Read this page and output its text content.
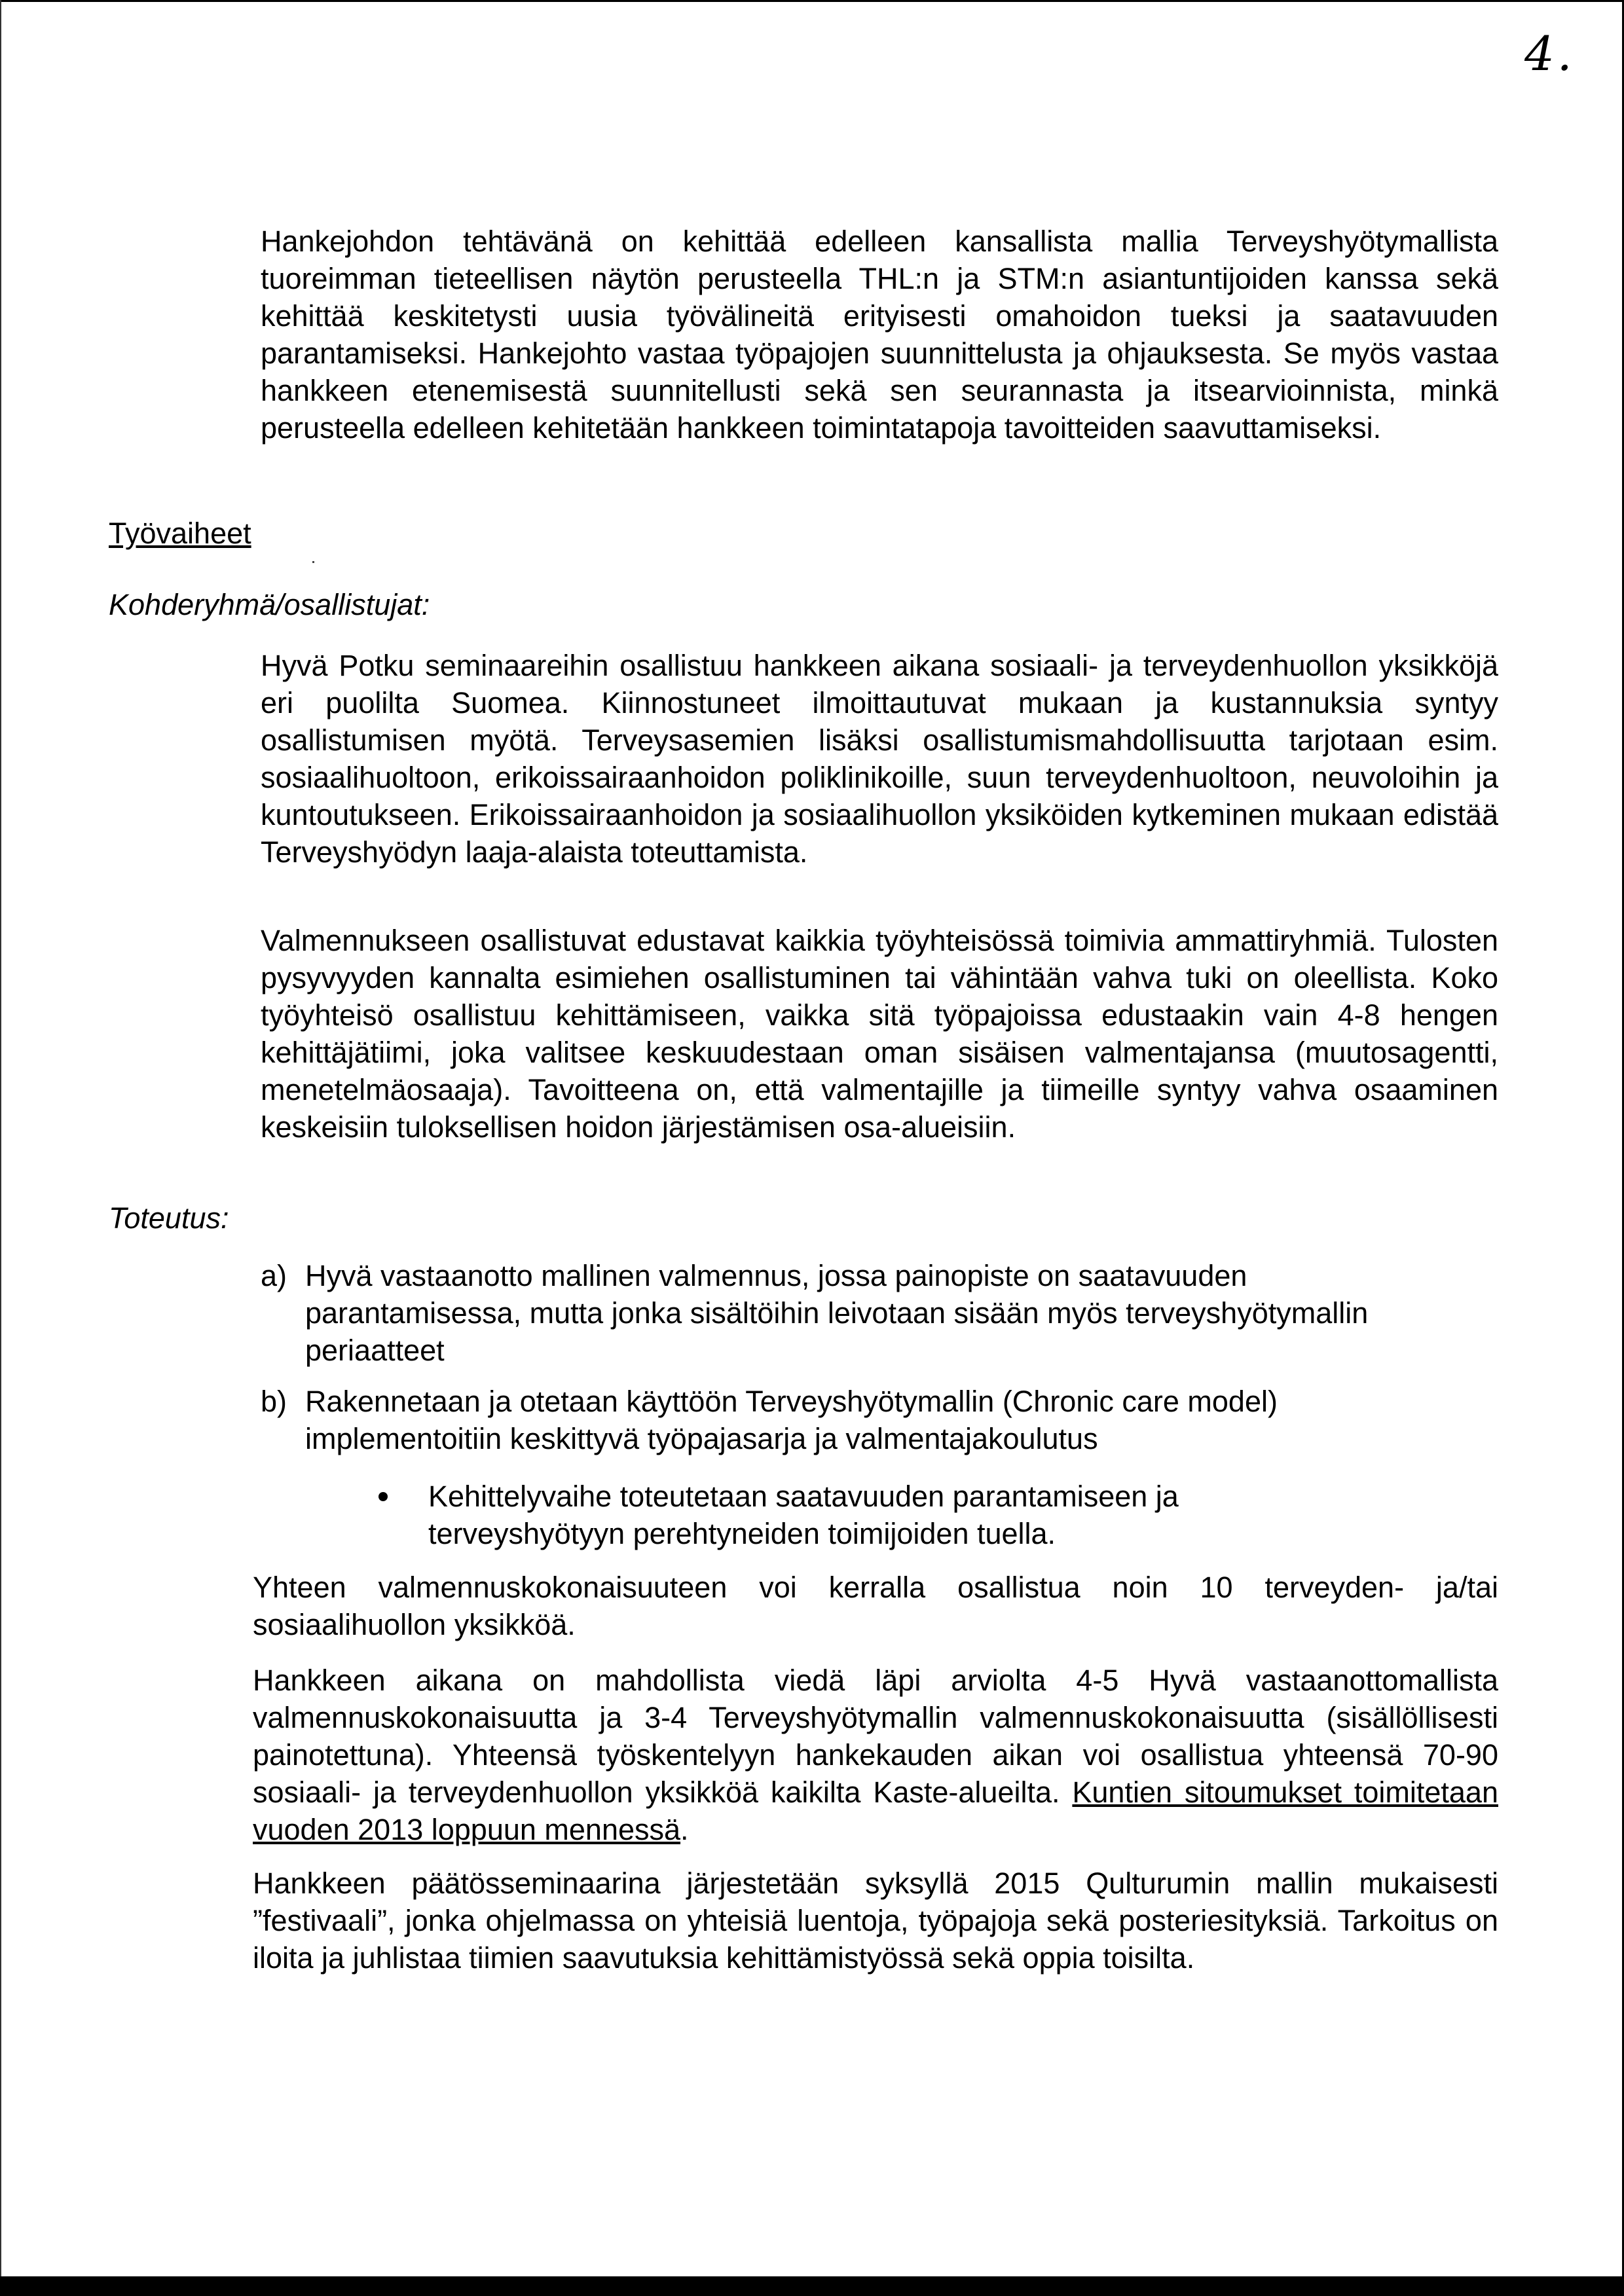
4.
Hankejohdon tehtävänä on kehittää edelleen kansallista mallia Terveyshyötymallista tuoreimman tieteellisen näytön perusteella THL:n ja STM:n asiantuntijoiden kanssa sekä kehittää keskitetysti uusia työvälineitä erityisesti omahoidon tueksi ja saatavuuden parantamiseksi. Hankejohto vastaa työpajojen suunnittelusta ja ohjauksesta. Se myös vastaa hankkeen etenemisestä suunnitellusti sekä sen seurannasta ja itsearvioinnista, minkä perusteella edelleen kehitetään hankkeen toimintatapoja tavoitteiden saavuttamiseksi.
Työvaiheet
Kohderyhmä/osallistujat:
Hyvä Potku seminaareihin osallistuu hankkeen aikana sosiaali- ja terveydenhuollon yksikköjä eri puolilta Suomea. Kiinnostuneet ilmoittautuvat mukaan ja kustannuksia syntyy osallistumisen myötä. Terveysasemien lisäksi osallistumismahdollisuutta tarjotaan esim. sosiaalihuoltoon, erikoissairaanhoidon poliklinikoille, suun terveydenhuoltoon, neuvoloihin ja kuntoutukseen. Erikoissairaanhoidon ja sosiaalihuollon yksiköiden kytkeminen mukaan edistää Terveyshyödyn laaja-alaista toteuttamista.
Valmennukseen osallistuvat edustavat kaikkia työyhteisössä toimivia ammattiryhmiä. Tulosten pysyvyyden kannalta esimiehen osallistuminen tai vähintään vahva tuki on oleellista. Koko työyhteisö osallistuu kehittämiseen, vaikka sitä työpajoissa edustaakin vain 4-8 hengen kehittäjätiimi, joka valitsee keskuudestaan oman sisäisen valmentajansa (muutosagentti, menetelmäosaaja). Tavoitteena on, että valmentajille ja tiimeille syntyy vahva osaaminen keskeisiin tuloksellisen hoidon järjestämisen osa-alueisiin.
Toteutus:
a) Hyvä vastaanotto mallinen valmennus, jossa painopiste on saatavuuden parantamisessa, mutta jonka sisältöihin leivotaan sisään myös terveyshyötymallin periaatteet
b) Rakennetaan ja otetaan käyttöön Terveyshyötymallin (Chronic care model) implementoitiin keskittyvä työpajasarja ja valmentajakoulutus
Kehittelyvaihe toteutetaan saatavuuden parantamiseen ja terveyshyötyyn perehtyneiden toimijoiden tuella.
Yhteen valmennuskokonaisuuteen voi kerralla osallistua noin 10 terveyden- ja/tai sosiaalihuollon yksikköä.
Hankkeen aikana on mahdollista viedä läpi arviolta 4-5 Hyvä vastaanottomallista valmennuskokonaisuutta ja 3-4 Terveyshyötymallin valmennuskokonaisuutta (sisällöllisesti painotettuna). Yhteensä työskentelyyn hankekauden aikan voi osallistua yhteensä 70-90 sosiaali- ja terveydenhuollon yksikköä kaikilta Kaste-alueilta. Kuntien sitoumukset toimitetaan vuoden 2013 loppuun mennessä.
Hankkeen päätösseminaarina järjestetään syksyllä 2015 Qulturumin mallin mukaisesti ”festivaali”, jonka ohjelmassa on yhteisiä luentoja, työpajoja sekä posteriesityksiä. Tarkoitus on iloita ja juhlistaa tiimien saavutuksia kehittämistyössä sekä oppia toisilta.
